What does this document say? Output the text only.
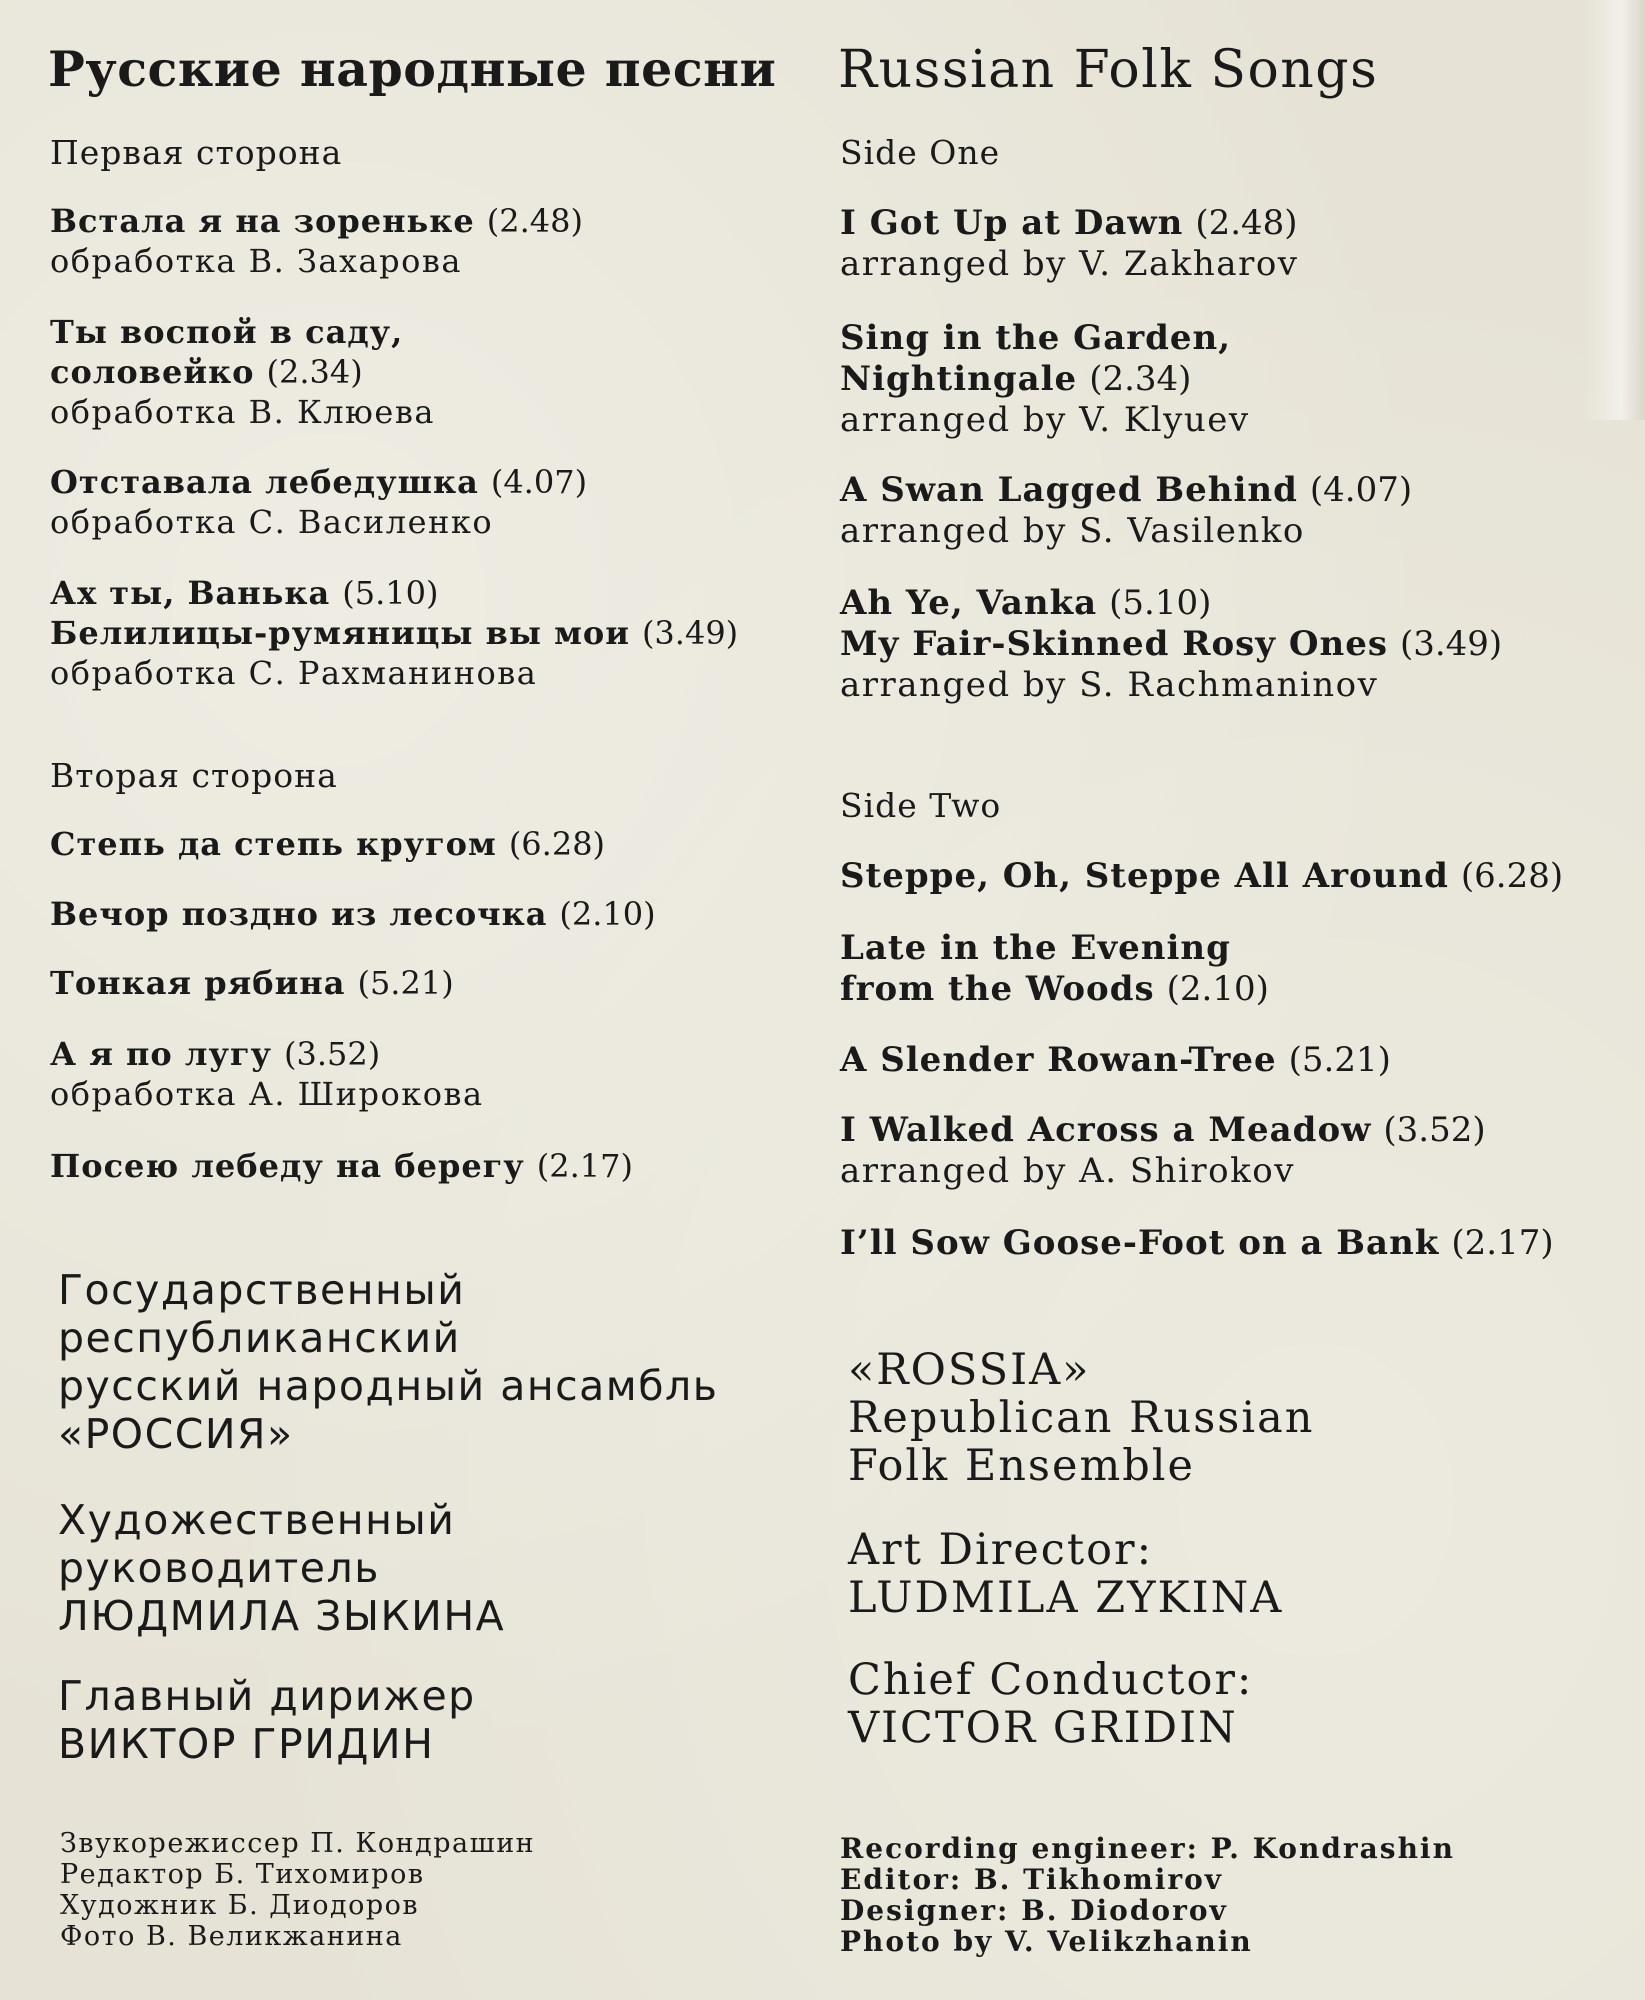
Русские народные песни
Первая сторона
Встала я на зореньке (2.48)
обработка В. Захарова
Ты воспой в саду,
соловейко (2.34)
обработка В. Клюева
Отставала лебедушка (4.07)
обработка С. Василенко
Ах ты, Ванька (5.10)
Белилицы-румяницы вы мои (3.49)
обработка С. Рахманинова
Вторая сторона
Степь да степь кругом (6.28)
Вечор поздно из лесочка (2.10)
Тонкая рябина (5.21)
А я по лугу (3.52)
обработка А. Широкова
Посею лебеду на берегу (2.17)
Государственный
республиканский
русский народный ансамбль
«РОССИЯ»
Художественный
руководитель
ЛЮДМИЛА ЗЫКИНА
Главный дирижер
ВИКТОР ГРИДИН
Звукорежиссер П. Кондрашин
Редактор Б. Тихомиров
Художник Б. Диодоров
Фото В. Великжанина
Russian Folk Songs
Side One
I Got Up at Dawn (2.48)
arranged by V. Zakharov
Sing in the Garden,
Nightingale (2.34)
arranged by V. Klyuev
A Swan Lagged Behind (4.07)
arranged by S. Vasilenko
Ah Ye, Vanka (5.10)
My Fair-Skinned Rosy Ones (3.49)
arranged by S. Rachmaninov
Side Two
Steppe, Oh, Steppe All Around (6.28)
Late in the Evening
from the Woods (2.10)
A Slender Rowan-Tree (5.21)
I Walked Across a Meadow (3.52)
arranged by A. Shirokov
I’ll Sow Goose-Foot on a Bank (2.17)
«ROSSIA»
Republican Russian
Folk Ensemble
Art Director:
LUDMILA ZYKINA
Chief Conductor:
VICTOR GRIDIN
Recording engineer: P. Kondrashin
Editor: B. Tikhomirov
Designer: B. Diodorov
Photo by V. Velikzhanin
